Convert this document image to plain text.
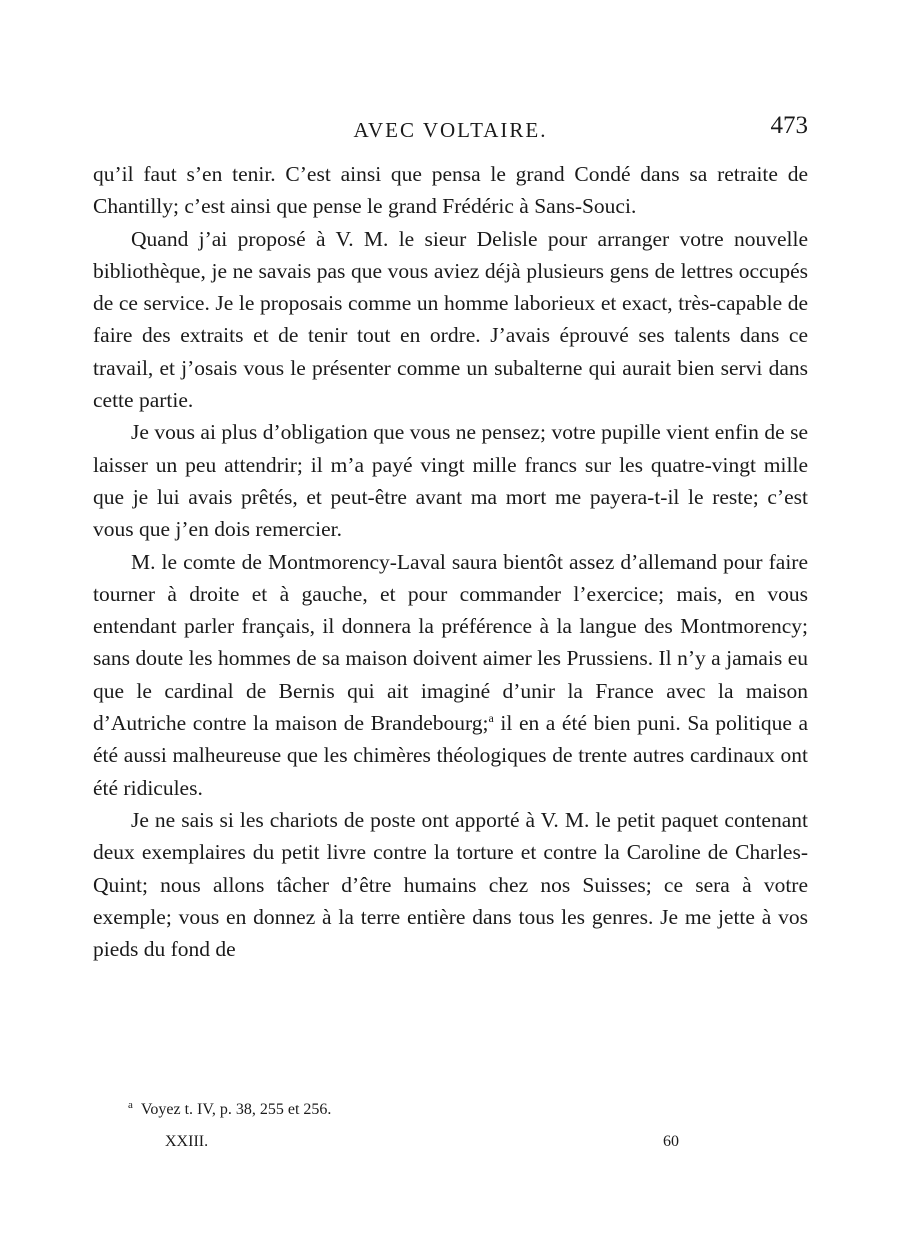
AVEC VOLTAIRE.	473

qu’il faut s’en tenir. C’est ainsi que pensa le grand Condé dans sa retraite de Chantilly; c’est ainsi que pense le grand Frédéric à Sans-Souci.

Quand j’ai proposé à V. M. le sieur Delisle pour arranger votre nouvelle bibliothèque, je ne savais pas que vous aviez déjà plusieurs gens de lettres occupés de ce service. Je le proposais comme un homme laborieux et exact, très-capable de faire des extraits et de tenir tout en ordre. J’avais éprouvé ses talents dans ce travail, et j’osais vous le présenter comme un subalterne qui aurait bien servi dans cette partie.

Je vous ai plus d’obligation que vous ne pensez; votre pupille vient enfin de se laisser un peu attendrir; il m’a payé vingt mille francs sur les quatre-vingt mille que je lui avais prêtés, et peut-être avant ma mort me payera-t-il le reste; c’est vous que j’en dois remercier.

M. le comte de Montmorency-Laval saura bientôt assez d’allemand pour faire tourner à droite et à gauche, et pour commander l’exercice; mais, en vous entendant parler français, il donnera la préférence à la langue des Montmorency; sans doute les hommes de sa maison doivent aimer les Prussiens. Il n’y a jamais eu que le cardinal de Bernis qui ait imaginé d’unir la France avec la maison d’Autriche contre la maison de Brandebourg;$^a$ il en a été bien puni. Sa politique a été aussi malheureuse que les chimères théologiques de trente autres cardinaux ont été ridicules.

Je ne sais si les chariots de poste ont apporté à V. M. le petit paquet contenant deux exemplaires du petit livre contre la torture et contre la Caroline de Charles-Quint; nous allons tâcher d’être humains chez nos Suisses; ce sera à votre exemple; vous en donnez à la terre entière dans tous les genres. Je me jette à vos pieds du fond de

$^a$ Voyez t. IV, p. 38, 255 et 256.
XXIII.	60
